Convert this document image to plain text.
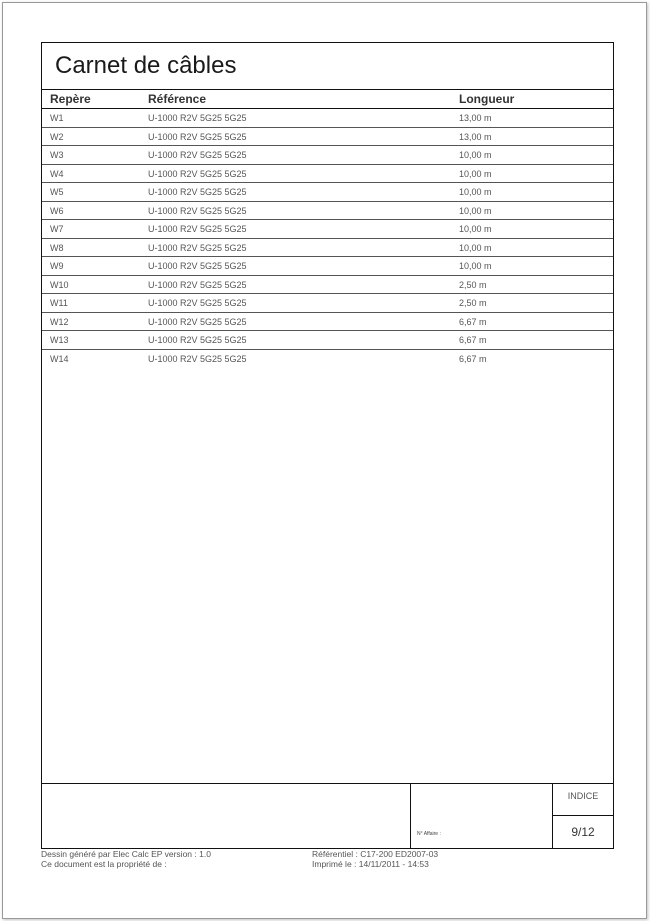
Carnet de câbles
Repère	Référence	Longueur
W1	U-1000 R2V 5G25 5G25	13,00 m
W2	U-1000 R2V 5G25 5G25	13,00 m
W3	U-1000 R2V 5G25 5G25	10,00 m
W4	U-1000 R2V 5G25 5G25	10,00 m
W5	U-1000 R2V 5G25 5G25	10,00 m
W6	U-1000 R2V 5G25 5G25	10,00 m
W7	U-1000 R2V 5G25 5G25	10,00 m
W8	U-1000 R2V 5G25 5G25	10,00 m
W9	U-1000 R2V 5G25 5G25	10,00 m
W10	U-1000 R2V 5G25 5G25	2,50 m
W11	U-1000 R2V 5G25 5G25	2,50 m
W12	U-1000 R2V 5G25 5G25	6,67 m
W13	U-1000 R2V 5G25 5G25	6,67 m
W14	U-1000 R2V 5G25 5G25	6,67 m
N° Affaire :
INDICE
9/12
Dessin généré par Elec Calc EP version : 1.0
Ce document est la propriété de :
Référentiel : C17-200 ED2007-03
Imprimé le : 14/11/2011 - 14:53
